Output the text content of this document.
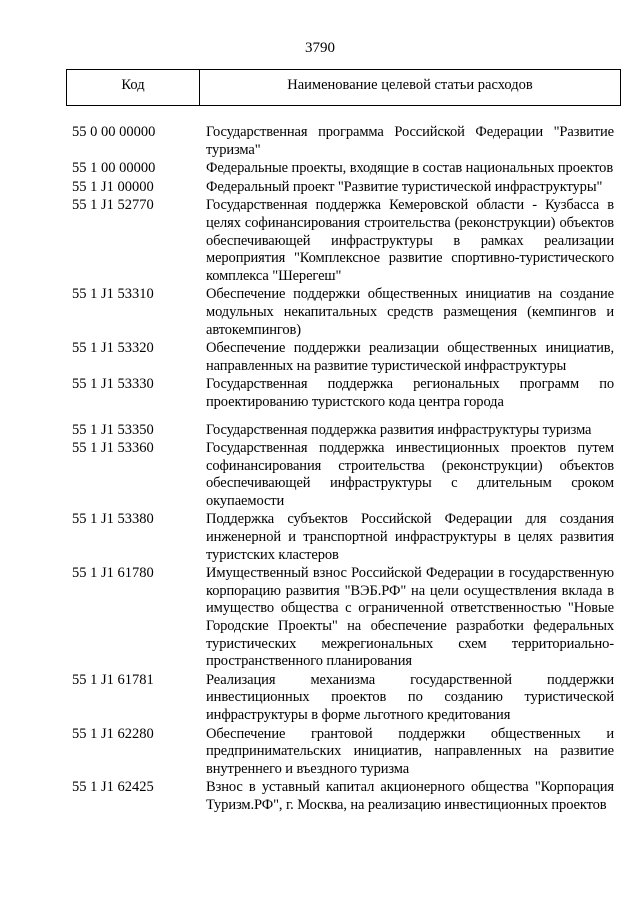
3790
Код	Наименование целевой статьи расходов
55 0 00 00000	Государственная программа Российской Федерации "Развитие туризма"
55 1 00 00000	Федеральные проекты, входящие в состав национальных проектов
55 1 J1 00000	Федеральный проект "Развитие туристической инфраструктуры"
55 1 J1 52770	Государственная поддержка Кемеровской области - Кузбасса в целях софинансирования строительства (реконструкции) объектов обеспечивающей инфраструктуры в рамках реализации мероприятия "Комплексное развитие спортивно-туристического комплекса "Шерегеш"
55 1 J1 53310	Обеспечение поддержки общественных инициатив на создание модульных некапитальных средств размещения (кемпингов и автокемпингов)
55 1 J1 53320	Обеспечение поддержки реализации общественных инициатив, направленных на развитие туристической инфраструктуры
55 1 J1 53330	Государственная поддержка региональных программ по проектированию туристского кода центра города
55 1 J1 53350	Государственная поддержка развития инфраструктуры туризма
55 1 J1 53360	Государственная поддержка инвестиционных проектов путем софинансирования строительства (реконструкции) объектов обеспечивающей инфраструктуры с длительным сроком окупаемости
55 1 J1 53380	Поддержка субъектов Российской Федерации для создания инженерной и транспортной инфраструктуры в целях развития туристских кластеров
55 1 J1 61780	Имущественный взнос Российской Федерации в государственную корпорацию развития "ВЭБ.РФ" на цели осуществления вклада в имущество общества с ограниченной ответственностью "Новые Городские Проекты" на обеспечение разработки федеральных туристических межрегиональных схем территориально-пространственного планирования
55 1 J1 61781	Реализация механизма государственной поддержки инвестиционных проектов по созданию туристической инфраструктуры в форме льготного кредитования
55 1 J1 62280	Обеспечение грантовой поддержки общественных и предпринимательских инициатив, направленных на развитие внутреннего и въездного туризма
55 1 J1 62425	Взнос в уставный капитал акционерного общества "Корпорация Туризм.РФ", г. Москва, на реализацию инвестиционных проектов
